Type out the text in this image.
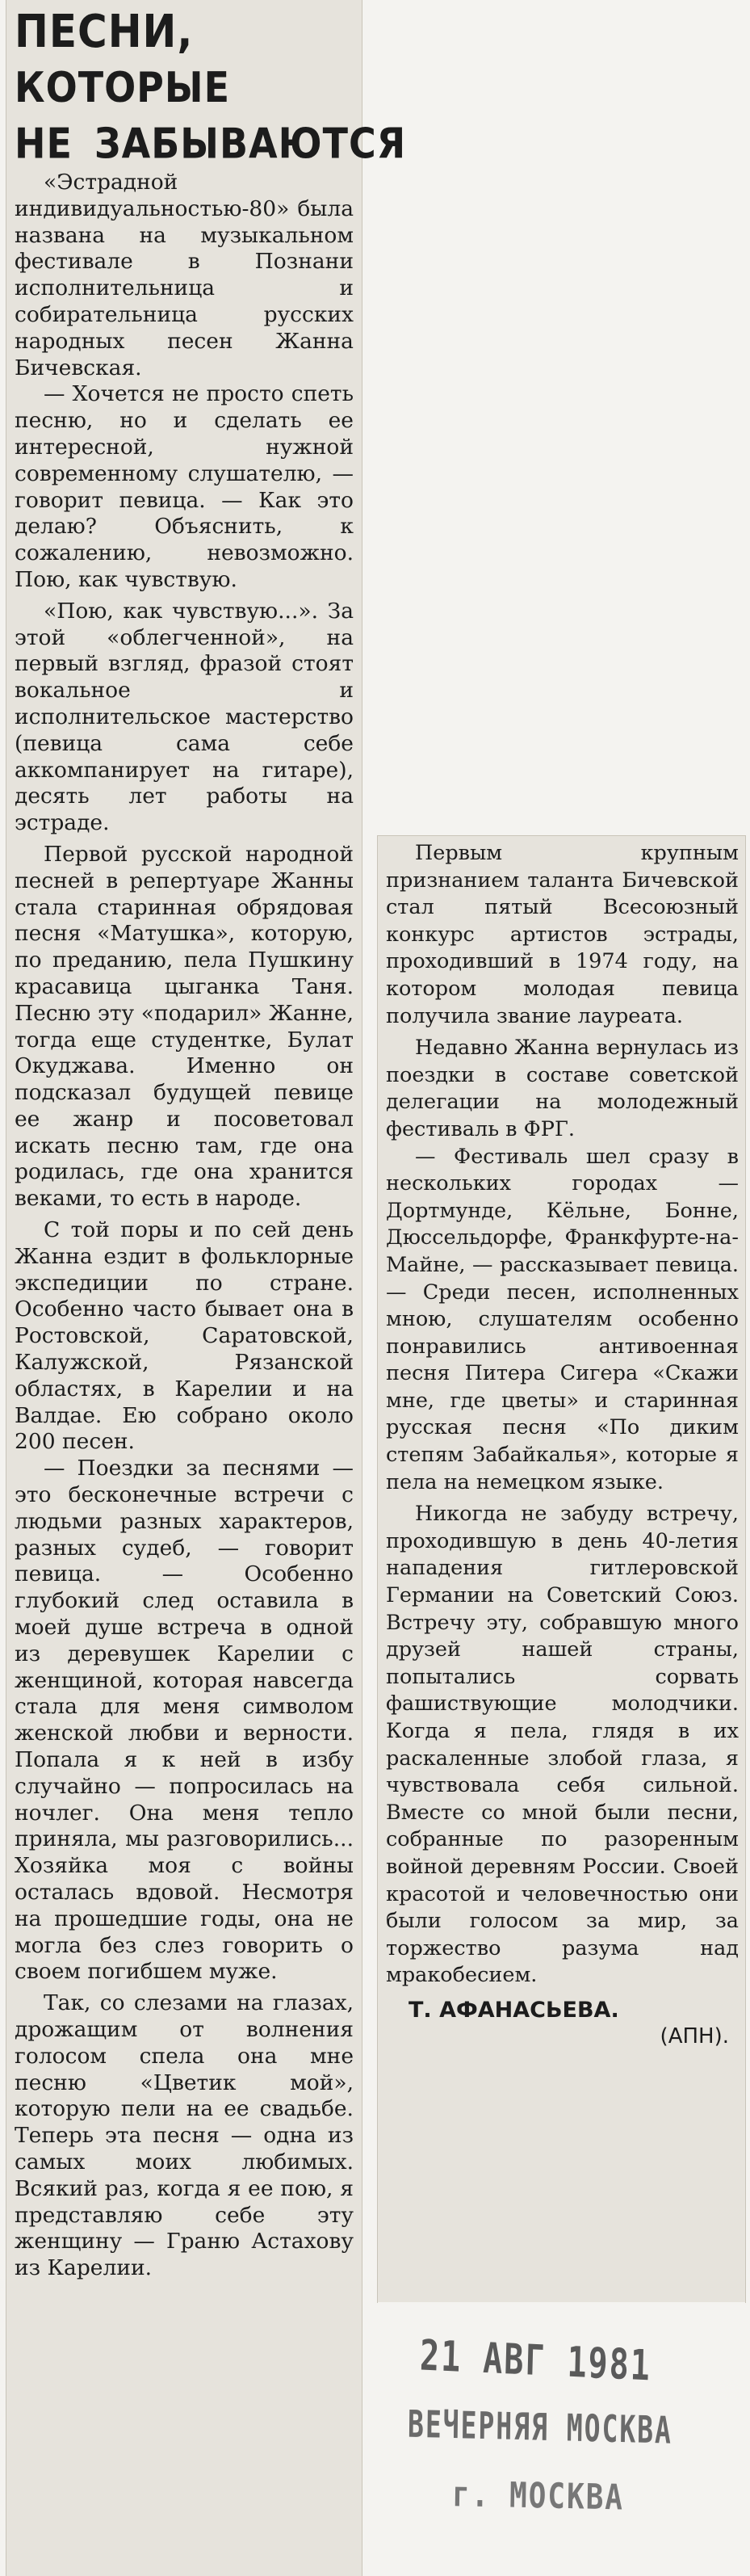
ПЕСНИ,
КОТОРЫЕ
НЕ ЗАБЫВАЮТСЯ

«Эстрадной индивидуальностью-80» была названа на музыкальном фестивале в Познани исполнительница и собирательница русских народных песен Жанна Бичевская.

— Хочется не просто спеть песню, но и сделать ее интересной, нужной современному слушателю, — говорит певица. — Как это делаю? Объяснить, к сожалению, невозможно. Пою, как чувствую.

«Пою, как чувствую...». За этой «облегченной», на первый взгляд, фразой стоят вокальное и исполнительское мастерство (певица сама себе аккомпанирует на гитаре), десять лет работы на эстраде.

Первой русской народной песней в репертуаре Жанны стала старинная обрядовая песня «Матушка», которую, по преданию, пела Пушкину красавица цыганка Таня. Песню эту «подарил» Жанне, тогда еще студентке, Булат Окуджава. Именно он подсказал будущей певице ее жанр и посоветовал искать песню там, где она родилась, где она хранится веками, то есть в народе.

С той поры и по сей день Жанна ездит в фольклорные экспедиции по стране. Особенно часто бывает она в Ростовской, Саратовской, Калужской, Рязанской областях, в Карелии и на Валдае. Ею собрано около 200 песен.

— Поездки за песнями — это бесконечные встречи с людьми разных характеров, разных судеб, — говорит певица. — Особенно глубокий след оставила в моей душе встреча в одной из деревушек Карелии с женщиной, которая навсегда стала для меня символом женской любви и верности. Попала я к ней в избу случайно — попросилась на ночлег. Она меня тепло приняла, мы разговорились... Хозяйка моя с войны осталась вдовой. Несмотря на прошедшие годы, она не могла без слез говорить о своем погибшем муже.

Так, со слезами на глазах, дрожащим от волнения голосом спела она мне песню «Цветик мой», которую пели на ее свадьбе. Теперь эта песня — одна из самых моих любимых. Всякий раз, когда я ее пою, я представляю себе эту женщину — Граню Астахову из Карелии.

Первым крупным признанием таланта Бичевской стал пятый Всесоюзный конкурс артистов эстрады, проходивший в 1974 году, на котором молодая певица получила звание лауреата.

Недавно Жанна вернулась из поездки в составе советской делегации на молодежный фестиваль в ФРГ.

— Фестиваль шел сразу в нескольких городах — Дортмунде, Кёльне, Бонне, Дюссельдорфе, Франкфурте-на-Майне, — рассказывает певица. — Среди песен, исполненных мною, слушателям особенно понравились антивоенная песня Питера Сигера «Скажи мне, где цветы» и старинная русская песня «По диким степям Забайкалья», которые я пела на немецком языке.

Никогда не забуду встречу, проходившую в день 40-летия нападения гитлеровской Германии на Советский Союз. Встречу эту, собравшую много друзей нашей страны, попытались сорвать фашиствующие молодчики. Когда я пела, глядя в их раскаленные злобой глаза, я чувствовала себя сильной. Вместе со мной были песни, собранные по разоренным войной деревням России. Своей красотой и человечностью они были голосом за мир, за торжество разума над мракобесием.

Т. АФАНАСЬЕВА.
(АПН).
21 АВГ 1981
ВЕЧЕРНЯЯ МОСКВА
г. МОСКВА
